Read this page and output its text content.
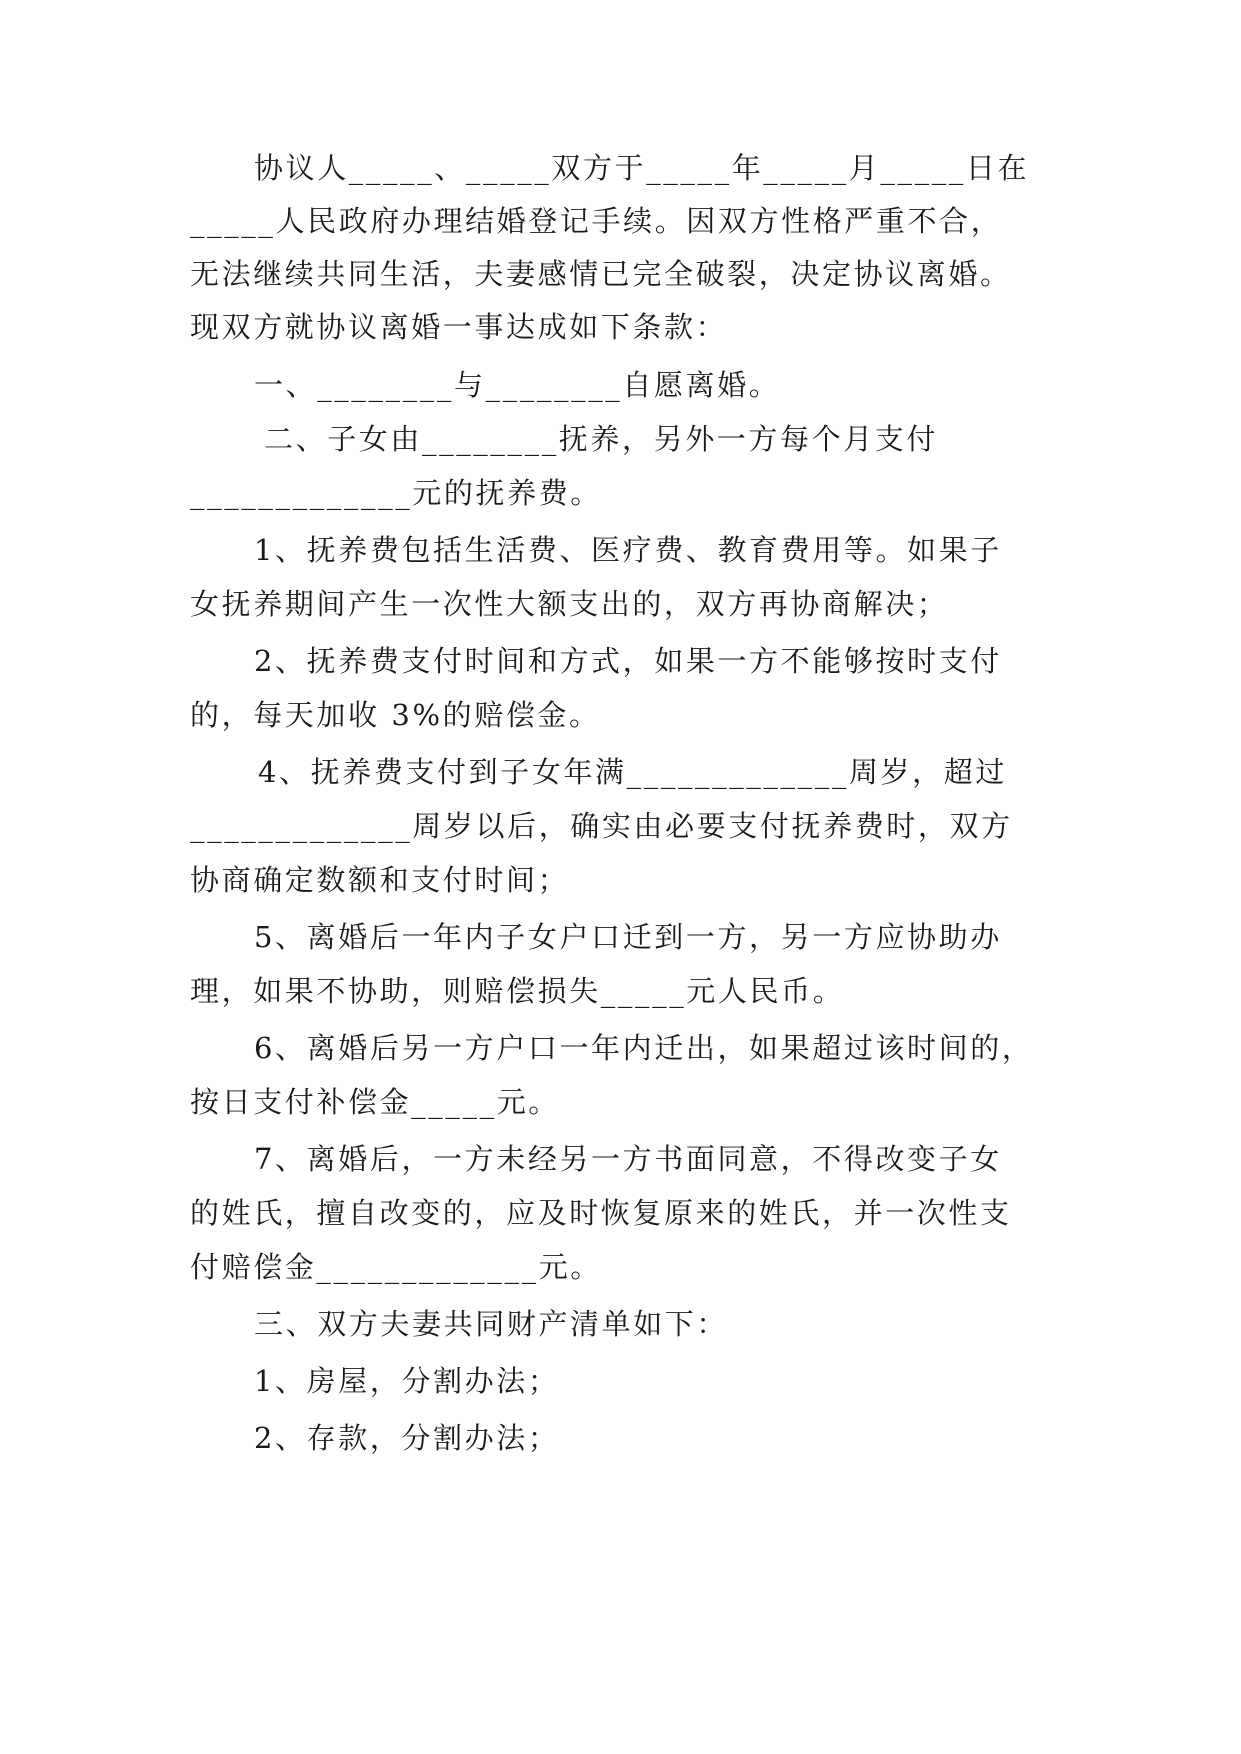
协议人_____、_____双方于_____年_____月_____日在
_____人民政府办理结婚登记手续。因双方性格严重不合，
无法继续共同生活，夫妻感情已完全破裂，决定协议离婚。
现双方就协议离婚一事达成如下条款：
一、________与________自愿离婚。
二、子女由________抚养，另外一方每个月支付
_____________元的抚养费。
1、抚养费包括生活费、医疗费、教育费用等。如果子
女抚养期间产生一次性大额支出的，双方再协商解决；
2、抚养费支付时间和方式，如果一方不能够按时支付
的，每天加收 3%的赔偿金。
4、抚养费支付到子女年满_____________周岁，超过
_____________周岁以后，确实由必要支付抚养费时，双方
协商确定数额和支付时间；
5、离婚后一年内子女户口迁到一方，另一方应协助办
理，如果不协助，则赔偿损失_____元人民币。
6、离婚后另一方户口一年内迁出，如果超过该时间的，
按日支付补偿金_____元。
7、离婚后，一方未经另一方书面同意，不得改变子女
的姓氏，擅自改变的，应及时恢复原来的姓氏，并一次性支
付赔偿金_____________元。
三、双方夫妻共同财产清单如下：
1、房屋，分割办法；
2、存款，分割办法；
